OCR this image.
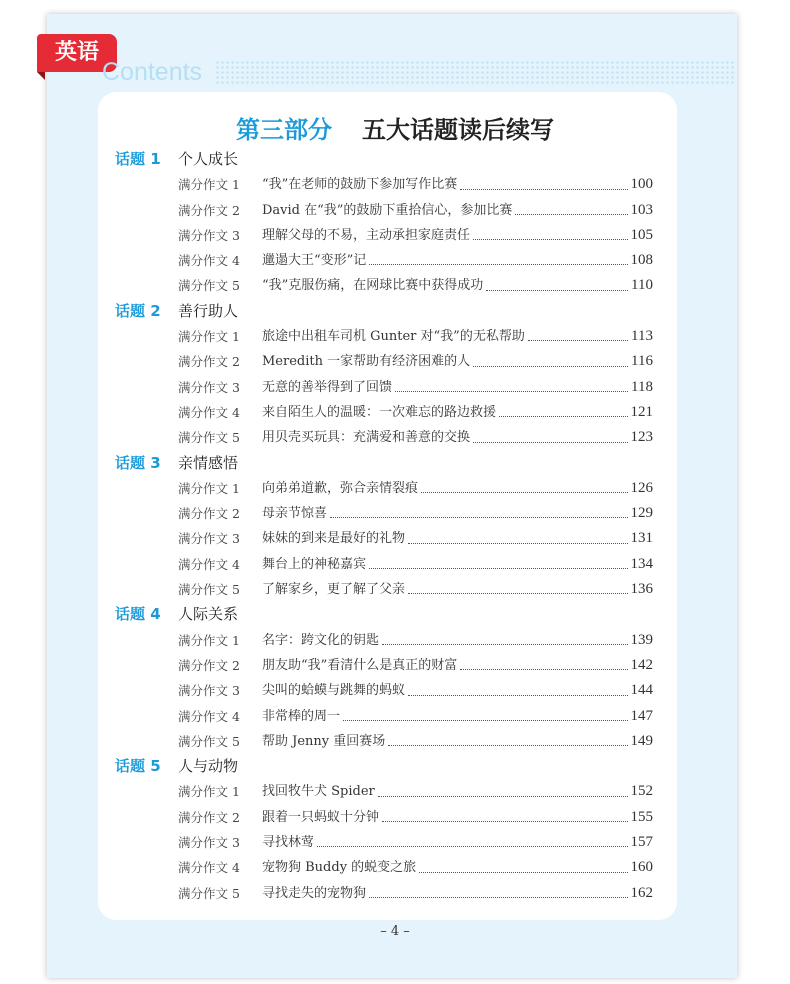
英语
Contents
第三部分 五大话题读后续写
话题 1 个人成长
满分作文 1 “我”在老师的鼓励下参加写作比赛	100
满分作文 2 David 在“我”的鼓励下重拾信心，参加比赛	103
满分作文 3 理解父母的不易，主动承担家庭责任	105
满分作文 4 邋遢大王“变形”记	108
满分作文 5 “我”克服伤痛，在网球比赛中获得成功	110
话题 2 善行助人
满分作文 1 旅途中出租车司机 Gunter 对“我”的无私帮助	113
满分作文 2 Meredith 一家帮助有经济困难的人	116
满分作文 3 无意的善举得到了回馈	118
满分作文 4 来自陌生人的温暖：一次难忘的路边救援	121
满分作文 5 用贝壳买玩具：充满爱和善意的交换	123
话题 3 亲情感悟
满分作文 1 向弟弟道歉，弥合亲情裂痕	126
满分作文 2 母亲节惊喜	129
满分作文 3 妹妹的到来是最好的礼物	131
满分作文 4 舞台上的神秘嘉宾	134
满分作文 5 了解家乡，更了解了父亲	136
话题 4 人际关系
满分作文 1 名字：跨文化的钥匙	139
满分作文 2 朋友助“我”看清什么是真正的财富	142
满分作文 3 尖叫的蛤蟆与跳舞的蚂蚁	144
满分作文 4 非常棒的周一	147
满分作文 5 帮助 Jenny 重回赛场	149
话题 5 人与动物
满分作文 1 找回牧牛犬 Spider	152
满分作文 2 跟着一只蚂蚁十分钟	155
满分作文 3 寻找林莺	157
满分作文 4 宠物狗 Buddy 的蜕变之旅	160
满分作文 5 寻找走失的宠物狗	162
– 4 –
